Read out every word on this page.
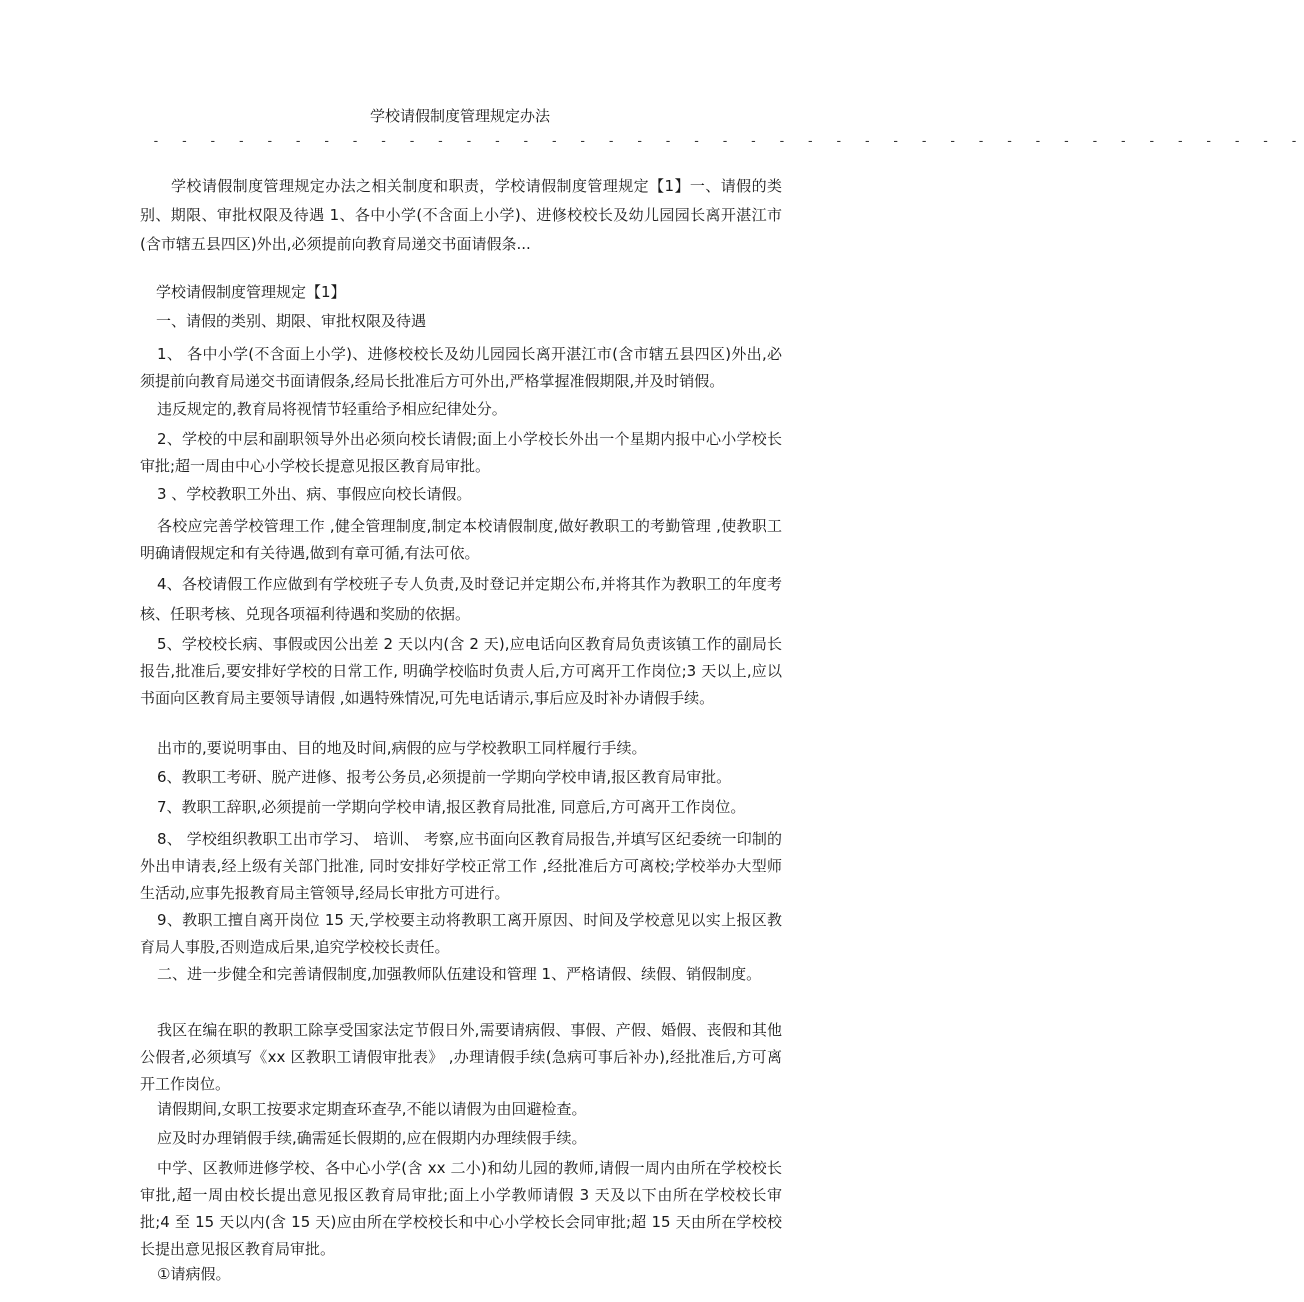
学校请假制度管理规定办法
- - - - - - - - - - - - - - - - - - - - - - - - - - - - - - - - - - - - - - - - -

学校请假制度管理规定办法之相关制度和职责，学校请假制度管理规定【1】一、请假的类别、期限、审批权限及待遇 1、各中小学(不含面上小学)、进修校校长及幼儿园园长离开湛江市(含市辖五县四区)外出,必须提前向教育局递交书面请假条...

学校请假制度管理规定【1】

一、请假的类别、期限、审批权限及待遇

1、 各中小学(不含面上小学)、进修校校长及幼儿园园长离开湛江市(含市辖五县四区)外出,必须提前向教育局递交书面请假条,经局长批准后方可外出,严格掌握准假期限,并及时销假。

违反规定的,教育局将视情节轻重给予相应纪律处分。

2、学校的中层和副职领导外出必须向校长请假;面上小学校长外出一个星期内报中心小学校长审批;超一周由中心小学校长提意见报区教育局审批。

3 、学校教职工外出、病、事假应向校长请假。

各校应完善学校管理工作 ,健全管理制度,制定本校请假制度,做好教职工的考勤管理 ,使教职工明确请假规定和有关待遇,做到有章可循,有法可依。

4、各校请假工作应做到有学校班子专人负责,及时登记并定期公布,并将其作为教职工的年度考核、任职考核、兑现各项福利待遇和奖励的依据。

5、学校校长病、事假或因公出差 2 天以内(含 2 天),应电话向区教育局负责该镇工作的副局长报告,批准后,要安排好学校的日常工作, 明确学校临时负责人后,方可离开工作岗位;3 天以上,应以书面向区教育局主要领导请假 ,如遇特殊情况,可先电话请示,事后应及时补办请假手续。

出市的,要说明事由、目的地及时间,病假的应与学校教职工同样履行手续。

6、教职工考研、脱产进修、报考公务员,必须提前一学期向学校申请,报区教育局审批。

7、教职工辞职,必须提前一学期向学校申请,报区教育局批准, 同意后,方可离开工作岗位。

8、 学校组织教职工出市学习、 培训、 考察,应书面向区教育局报告,并填写区纪委统一印制的外出申请表,经上级有关部门批准, 同时安排好学校正常工作 ,经批准后方可离校;学校举办大型师生活动,应事先报教育局主管领导,经局长审批方可进行。

9、教职工擅自离开岗位 15 天,学校要主动将教职工离开原因、时间及学校意见以实上报区教育局人事股,否则造成后果,追究学校校长责任。

二、进一步健全和完善请假制度,加强教师队伍建设和管理 1、严格请假、续假、销假制度。

我区在编在职的教职工除享受国家法定节假日外,需要请病假、事假、产假、婚假、丧假和其他公假者,必须填写《xx 区教职工请假审批表》 ,办理请假手续(急病可事后补办),经批准后,方可离开工作岗位。

请假期间,女职工按要求定期查环查孕,不能以请假为由回避检查。

应及时办理销假手续,确需延长假期的,应在假期内办理续假手续。

中学、区教师进修学校、各中心小学(含 xx 二小)和幼儿园的教师,请假一周内由所在学校校长审批,超一周由校长提出意见报区教育局审批;面上小学教师请假 3 天及以下由所在学校校长审批;4 至 15 天以内(含 15 天)应由所在学校校长和中心小学校长会同审批;超 15 天由所在学校校长提出意见报区教育局审批。

①请病假。
